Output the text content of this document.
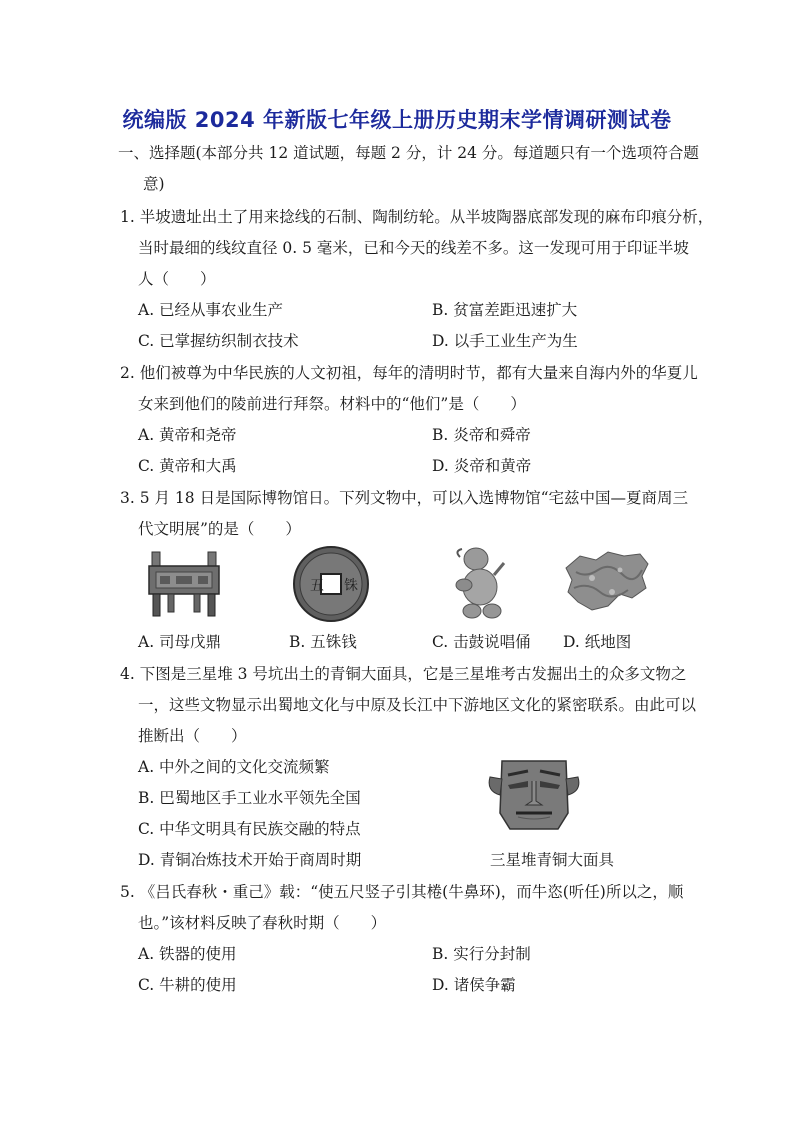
统编版 2024 年新版七年级上册历史期末学情调研测试卷
一、选择题(本部分共 12 道试题，每题 2 分，计 24 分。每道题只有一个选项符合题
意)
1. 半坡遗址出土了用来捻线的石制、陶制纺轮。从半坡陶器底部发现的麻布印痕分析，
当时最细的线纹直径 0. 5 毫米，已和今天的线差不多。这一发现可用于印证半坡
人（　　）
A. 已经从事农业生产	B. 贫富差距迅速扩大
C. 已掌握纺织制衣技术	D. 以手工业生产为生
2. 他们被尊为中华民族的人文初祖，每年的清明时节，都有大量来自海内外的华夏儿
女来到他们的陵前进行拜祭。材料中的“他们”是（　　）
A. 黄帝和尧帝	B. 炎帝和舜帝
C. 黄帝和大禹	D. 炎帝和黄帝
3. 5 月 18 日是国际博物馆日。下列文物中，可以入选博物馆“宅兹中国—夏商周三
代文明展”的是（　　）
五 铢
A. 司母戊鼎	B. 五铢钱	C. 击鼓说唱俑 D. 纸地图
4. 下图是三星堆 3 号坑出土的青铜大面具，它是三星堆考古发掘出土的众多文物之
一，这些文物显示出蜀地文化与中原及长江中下游地区文化的紧密联系。由此可以
推断出（　　）
A. 中外之间的文化交流频繁
B. 巴蜀地区手工业水平领先全国
C. 中华文明具有民族交融的特点
D. 青铜冶炼技术开始于商周时期	三星堆青铜大面具
5. 《吕氏春秋・重己》载：“使五尺竖子引其棬(牛鼻环)，而牛恣(听任)所以之，顺
也。”该材料反映了春秋时期（　　）
A. 铁器的使用	B. 实行分封制
C. 牛耕的使用	D. 诸侯争霸
